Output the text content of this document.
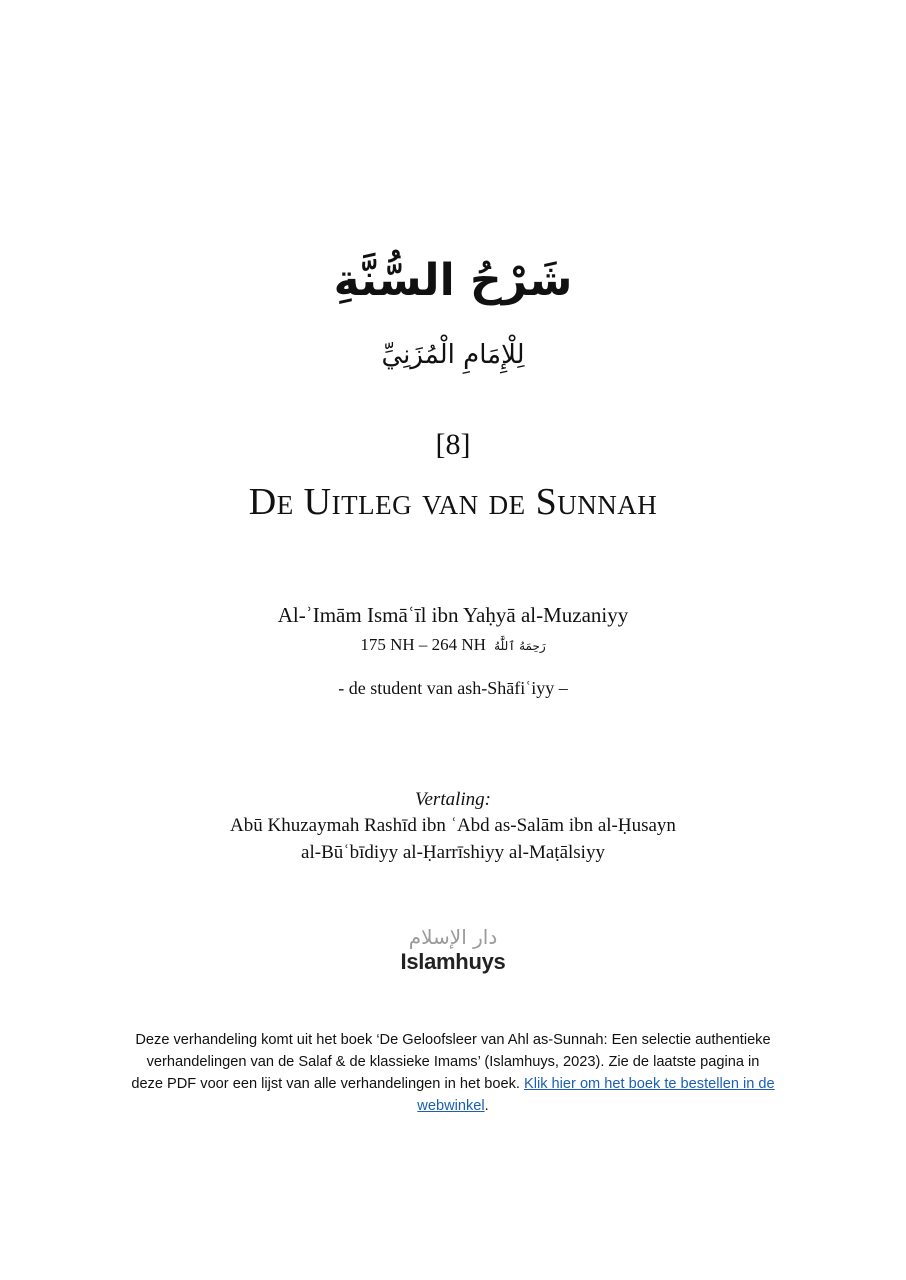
شَرْحُ السُّنَّةِ
لِلْإِمَامِ الْمُزَنِيِّ
[8]
De Uitleg van de Sunnah
Al-ʾImām Ismāʿīl ibn Yaḥyā al-Muzaniyy
175 NH – 264 NH رَحِمَهُ ٱللَّٰهُ
- de student van ash-Shāfiʿiyy –
Vertaling:
Abū Khuzaymah Rashīd ibn ʿAbd as-Salām ibn al-Ḥusayn
al-Būʿbīdiyy al-Ḥarrīshiyy al-Maṭālsiyy
دار الإسلام
Islamhuys
Deze verhandeling komt uit het boek ‘De Geloofsleer van Ahl as-Sunnah: Een selectie authentieke verhandelingen van de Salaf & de klassieke Imams’ (Islamhuys, 2023). Zie de laatste pagina in deze PDF voor een lijst van alle verhandelingen in het boek. Klik hier om het boek te bestellen in de webwinkel.
